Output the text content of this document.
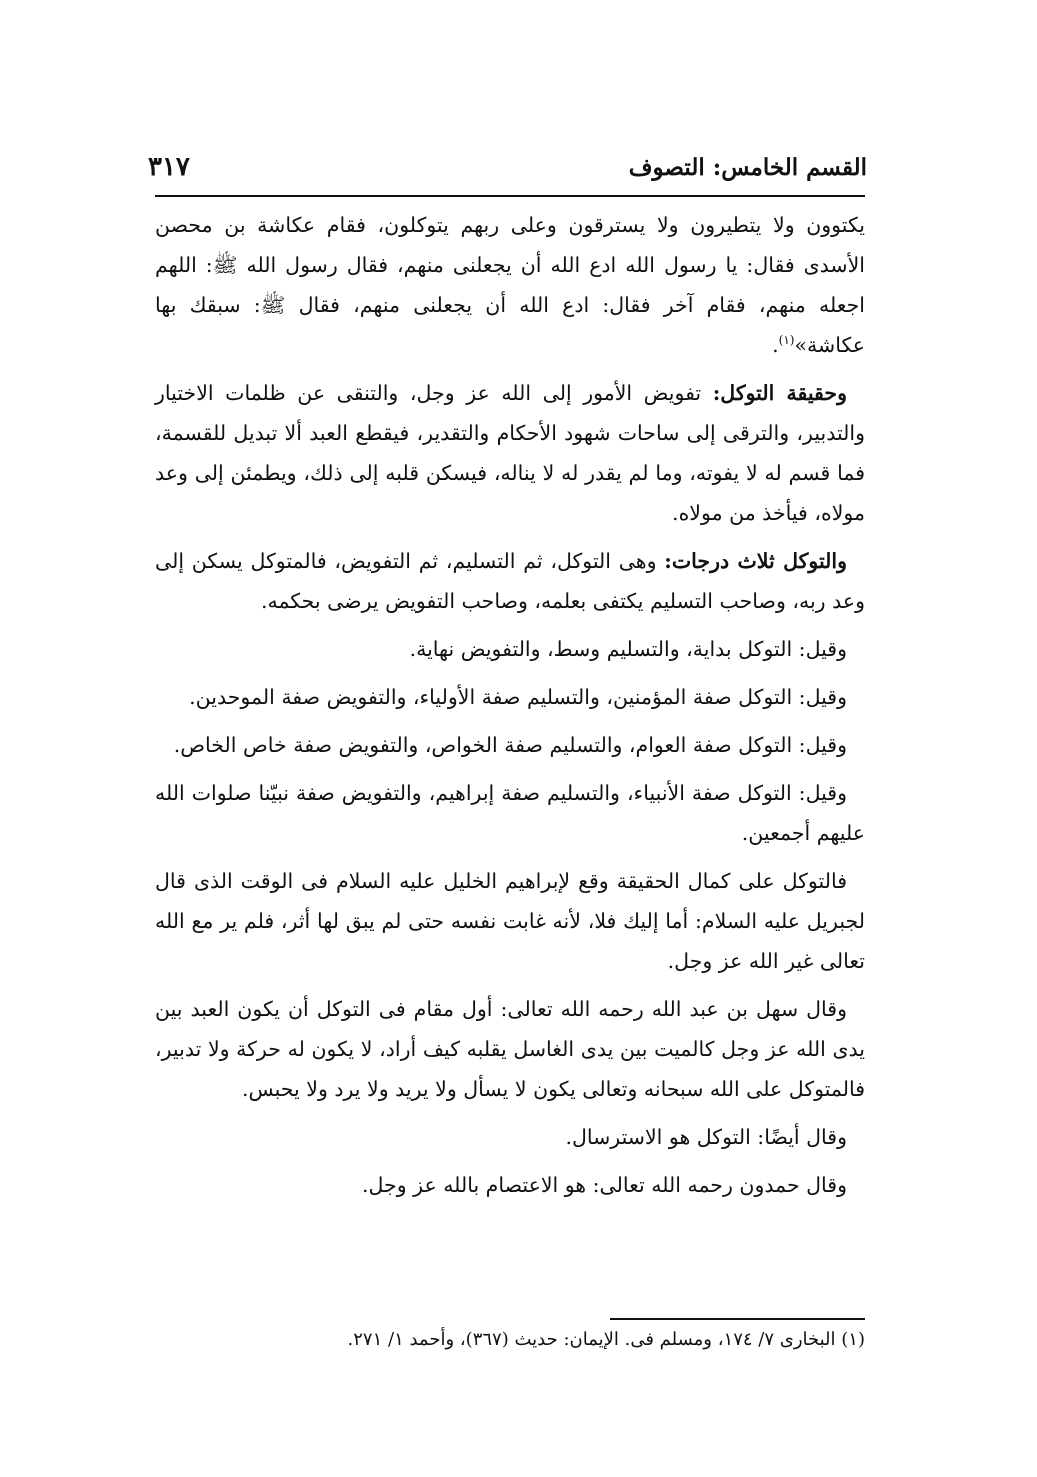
القسم الخامس: التصوف
٣١٧

يكتوون ولا يتطيرون ولا يسترقون وعلى ربهم يتوكلون، فقام عكاشة بن محصن الأسدى فقال: يا رسول الله ادع الله أن يجعلنى منهم، فقال رسول الله ﷺ: اللهم اجعله منهم، فقام آخر فقال: ادع الله أن يجعلنى منهم، فقال ﷺ: سبقك بها عكاشة»$^{(١)}$.

وحقيقة التوكل: تفويض الأمور إلى الله عز وجل، والتنقى عن ظلمات الاختيار والتدبير، والترقى إلى ساحات شهود الأحكام والتقدير، فيقطع العبد ألا تبديل للقسمة، فما قسم له لا يفوته، وما لم يقدر له لا يناله، فيسكن قلبه إلى ذلك، ويطمئن إلى وعد مولاه، فيأخذ من مولاه.

والتوكل ثلاث درجات: وهى التوكل، ثم التسليم، ثم التفويض، فالمتوكل يسكن إلى وعد ربه، وصاحب التسليم يكتفى بعلمه، وصاحب التفويض يرضى بحكمه.

وقيل: التوكل بداية، والتسليم وسط، والتفويض نهاية.

وقيل: التوكل صفة المؤمنين، والتسليم صفة الأولياء، والتفويض صفة الموحدين.

وقيل: التوكل صفة العوام، والتسليم صفة الخواص، والتفويض صفة خاص الخاص.

وقيل: التوكل صفة الأنبياء، والتسليم صفة إبراهيم، والتفويض صفة نبيّنا صلوات الله عليهم أجمعين.

فالتوكل على كمال الحقيقة وقع لإبراهيم الخليل عليه السلام فى الوقت الذى قال لجبريل عليه السلام: أما إليك فلا، لأنه غابت نفسه حتى لم يبق لها أثر، فلم ير مع الله تعالى غير الله عز وجل.

وقال سهل بن عبد الله رحمه الله تعالى: أول مقام فى التوكل أن يكون العبد بين يدى الله عز وجل كالميت بين يدى الغاسل يقلبه كيف أراد، لا يكون له حركة ولا تدبير، فالمتوكل على الله سبحانه وتعالى يكون لا يسأل ولا يريد ولا يرد ولا يحبس.

وقال أيضًا: التوكل هو الاسترسال.

وقال حمدون رحمه الله تعالى: هو الاعتصام بالله عز وجل.

(١) البخارى ٧/ ١٧٤، ومسلم فى. الإيمان: حديث (٣٦٧)، وأحمد ١/ ٢٧١.
